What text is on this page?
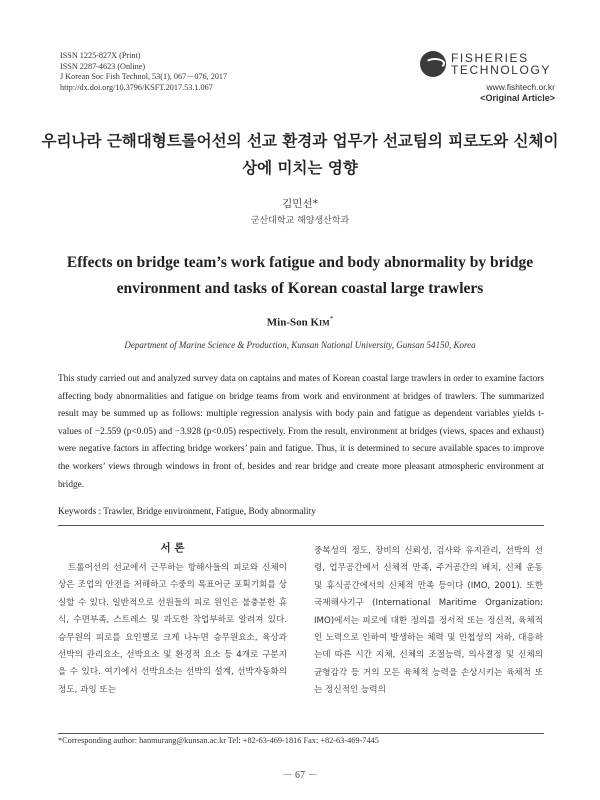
ISSN 1225-827X (Print)
ISSN 2287-4623 (Online)
J Korean Soc Fish Technol, 53(1), 067－076, 2017
http://dx.doi.org/10.3796/KSFT.2017.53.1.067
FISHERIES
TECHNOLOGY
www.fishtech.or.kr
<Original Article>
우리나라 근해대형트롤어선의 선교 환경과 업무가 선교팀의 피로도와 신체이상에 미치는 영향
김민선*
군산대학교 해양생산학과
Effects on bridge team’s work fatigue and body abnormality by bridge environment and tasks of Korean coastal large trawlers
Min-Son Kim*
Department of Marine Science & Production, Kunsan National University, Gunsan 54150, Korea

This study carried out and analyzed survey data on captains and mates of Korean coastal large trawlers in order to examine factors affecting body abnormalities and fatigue on bridge teams from work and environment at bridges of trawlers. The summarized result may be summed up as follows: multiple regression analysis with body pain and fatigue as dependent variables yields t-values of −2.559 (p<0.05) and −3.928 (p<0.05) respectively. From the result, environment at bridges (views, spaces and exhaust) were negative factors in affecting bridge workers’ pain and fatigue. Thus, it is determined to secure available spaces to improve the workers’ views through windows in front of, besides and rear bridge and create more pleasant atmospheric environment at bridge.

Keywords : Trawler, Bridge environment, Fatigue, Body abnormality
서 론

트롤어선의 선교에서 근무하는 항해사들의 피로와 신체이상은 조업의 안전을 저해하고 수중의 목표어군 포획기회를 상실할 수 있다. 일반적으로 선원들의 피로 원인은 불충분한 휴식, 수면부족, 스트레스 및 과도한 작업부하로 알려져 있다. 승무원의 피로를 요인별로 크게 나누면 승무원요소, 육상과 선박의 관리요소, 선박요소 및 환경적 요소 등 4개로 구분지을 수 있다. 여기에서 선박요소는 선박의 설계, 선박자동화의 정도, 과잉 또는

중복성의 정도, 장비의 신뢰성, 검사와 유지관리, 선박의 선령, 업무공간에서 신체적 만족, 주거공간의 배치, 신체 운동 및 휴식공간에서의 신체적 만족 등이다 (IMO, 2001). 또한 국제해사기구 (International Maritime Organization: IMO)에서는 피로에 대한 정의를 정서적 또는 정신적, 육체적인 노력으로 인하여 발생하는 체력 및 민첩성의 저하, 대응하는데 따른 시간 지체, 신체의 조절능력, 의사결정 및 신체의 균형감각 등 거의 모든 육체적 능력을 손상시키는 육체적 또는 정신적인 능력의

*Corresponding author: hanmurang@kunsan.ac.kr Tel: +82-63-469-1816 Fax: +82-63-469-7445
－ 67 －
